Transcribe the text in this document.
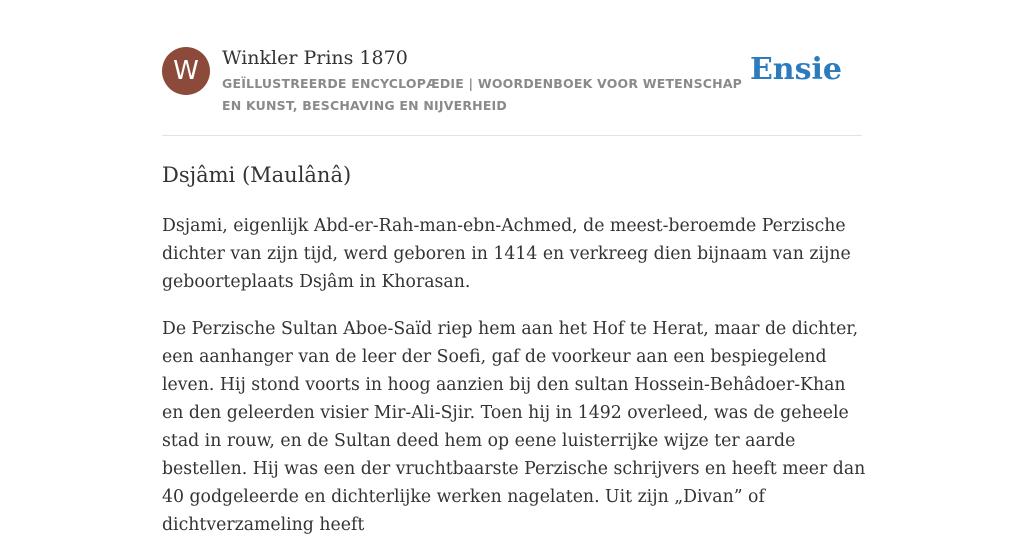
W	Winkler Prins 1870
GEÏLLUSTREERDE ENCYCLOPÆDIE | WOORDENBOEK VOOR WETENSCHAP EN KUNST, BESCHAVING EN NIJVERHEID
Ensie
Dsjâmi (Maulânâ)

Dsjami, eigenlijk Abd-er-Rah-man-ebn-Achmed, de meest-beroemde Perzische dichter van zijn tijd, werd geboren in 1414 en verkreeg dien bijnaam van zijne geboorteplaats Dsjâm in Khorasan.

De Perzische Sultan Aboe-Saïd riep hem aan het Hof te Herat, maar de dichter, een aanhanger van de leer der Soefi, gaf de voorkeur aan een bespiegelend leven. Hij stond voorts in hoog aanzien bij den sultan Hossein-Behâdoer-Khan en den geleerden visier Mir-Ali-Sjir. Toen hij in 1492 overleed, was de geheele stad in rouw, en de Sultan deed hem op eene luisterrijke wijze ter aarde bestellen. Hij was een der vruchtbaarste Perzische schrijvers en heeft meer dan 40 godgeleerde en dichterlijke werken nagelaten. Uit zijn „Divan” of dichtverzameling heeft
